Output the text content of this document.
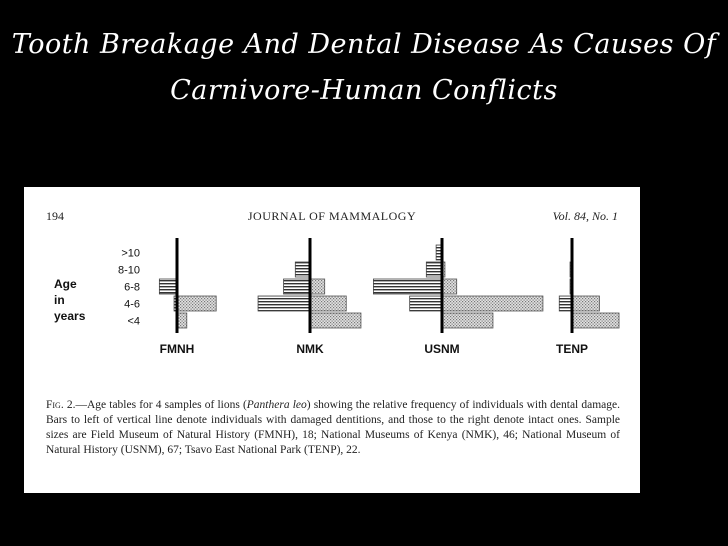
Tooth Breakage And Dental Disease As Causes Of
Carnivore-Human Conflicts
194	JOURNAL OF MAMMALOGY	Vol. 84, No. 1
Age
in
years
>10
8-10
6-8
4-6
<4
FMNH	NMK	USNM	TENP
Fig. 2.—Age tables for 4 samples of lions (Panthera leo) showing the relative frequency of individuals with dental damage. Bars to left of vertical line denote individuals with damaged dentitions, and those to the right denote intact ones. Sample sizes are Field Museum of Natural History (FMNH), 18; National Museums of Kenya (NMK), 46; National Museum of Natural History (USNM), 67; Tsavo East National Park (TENP), 22.
